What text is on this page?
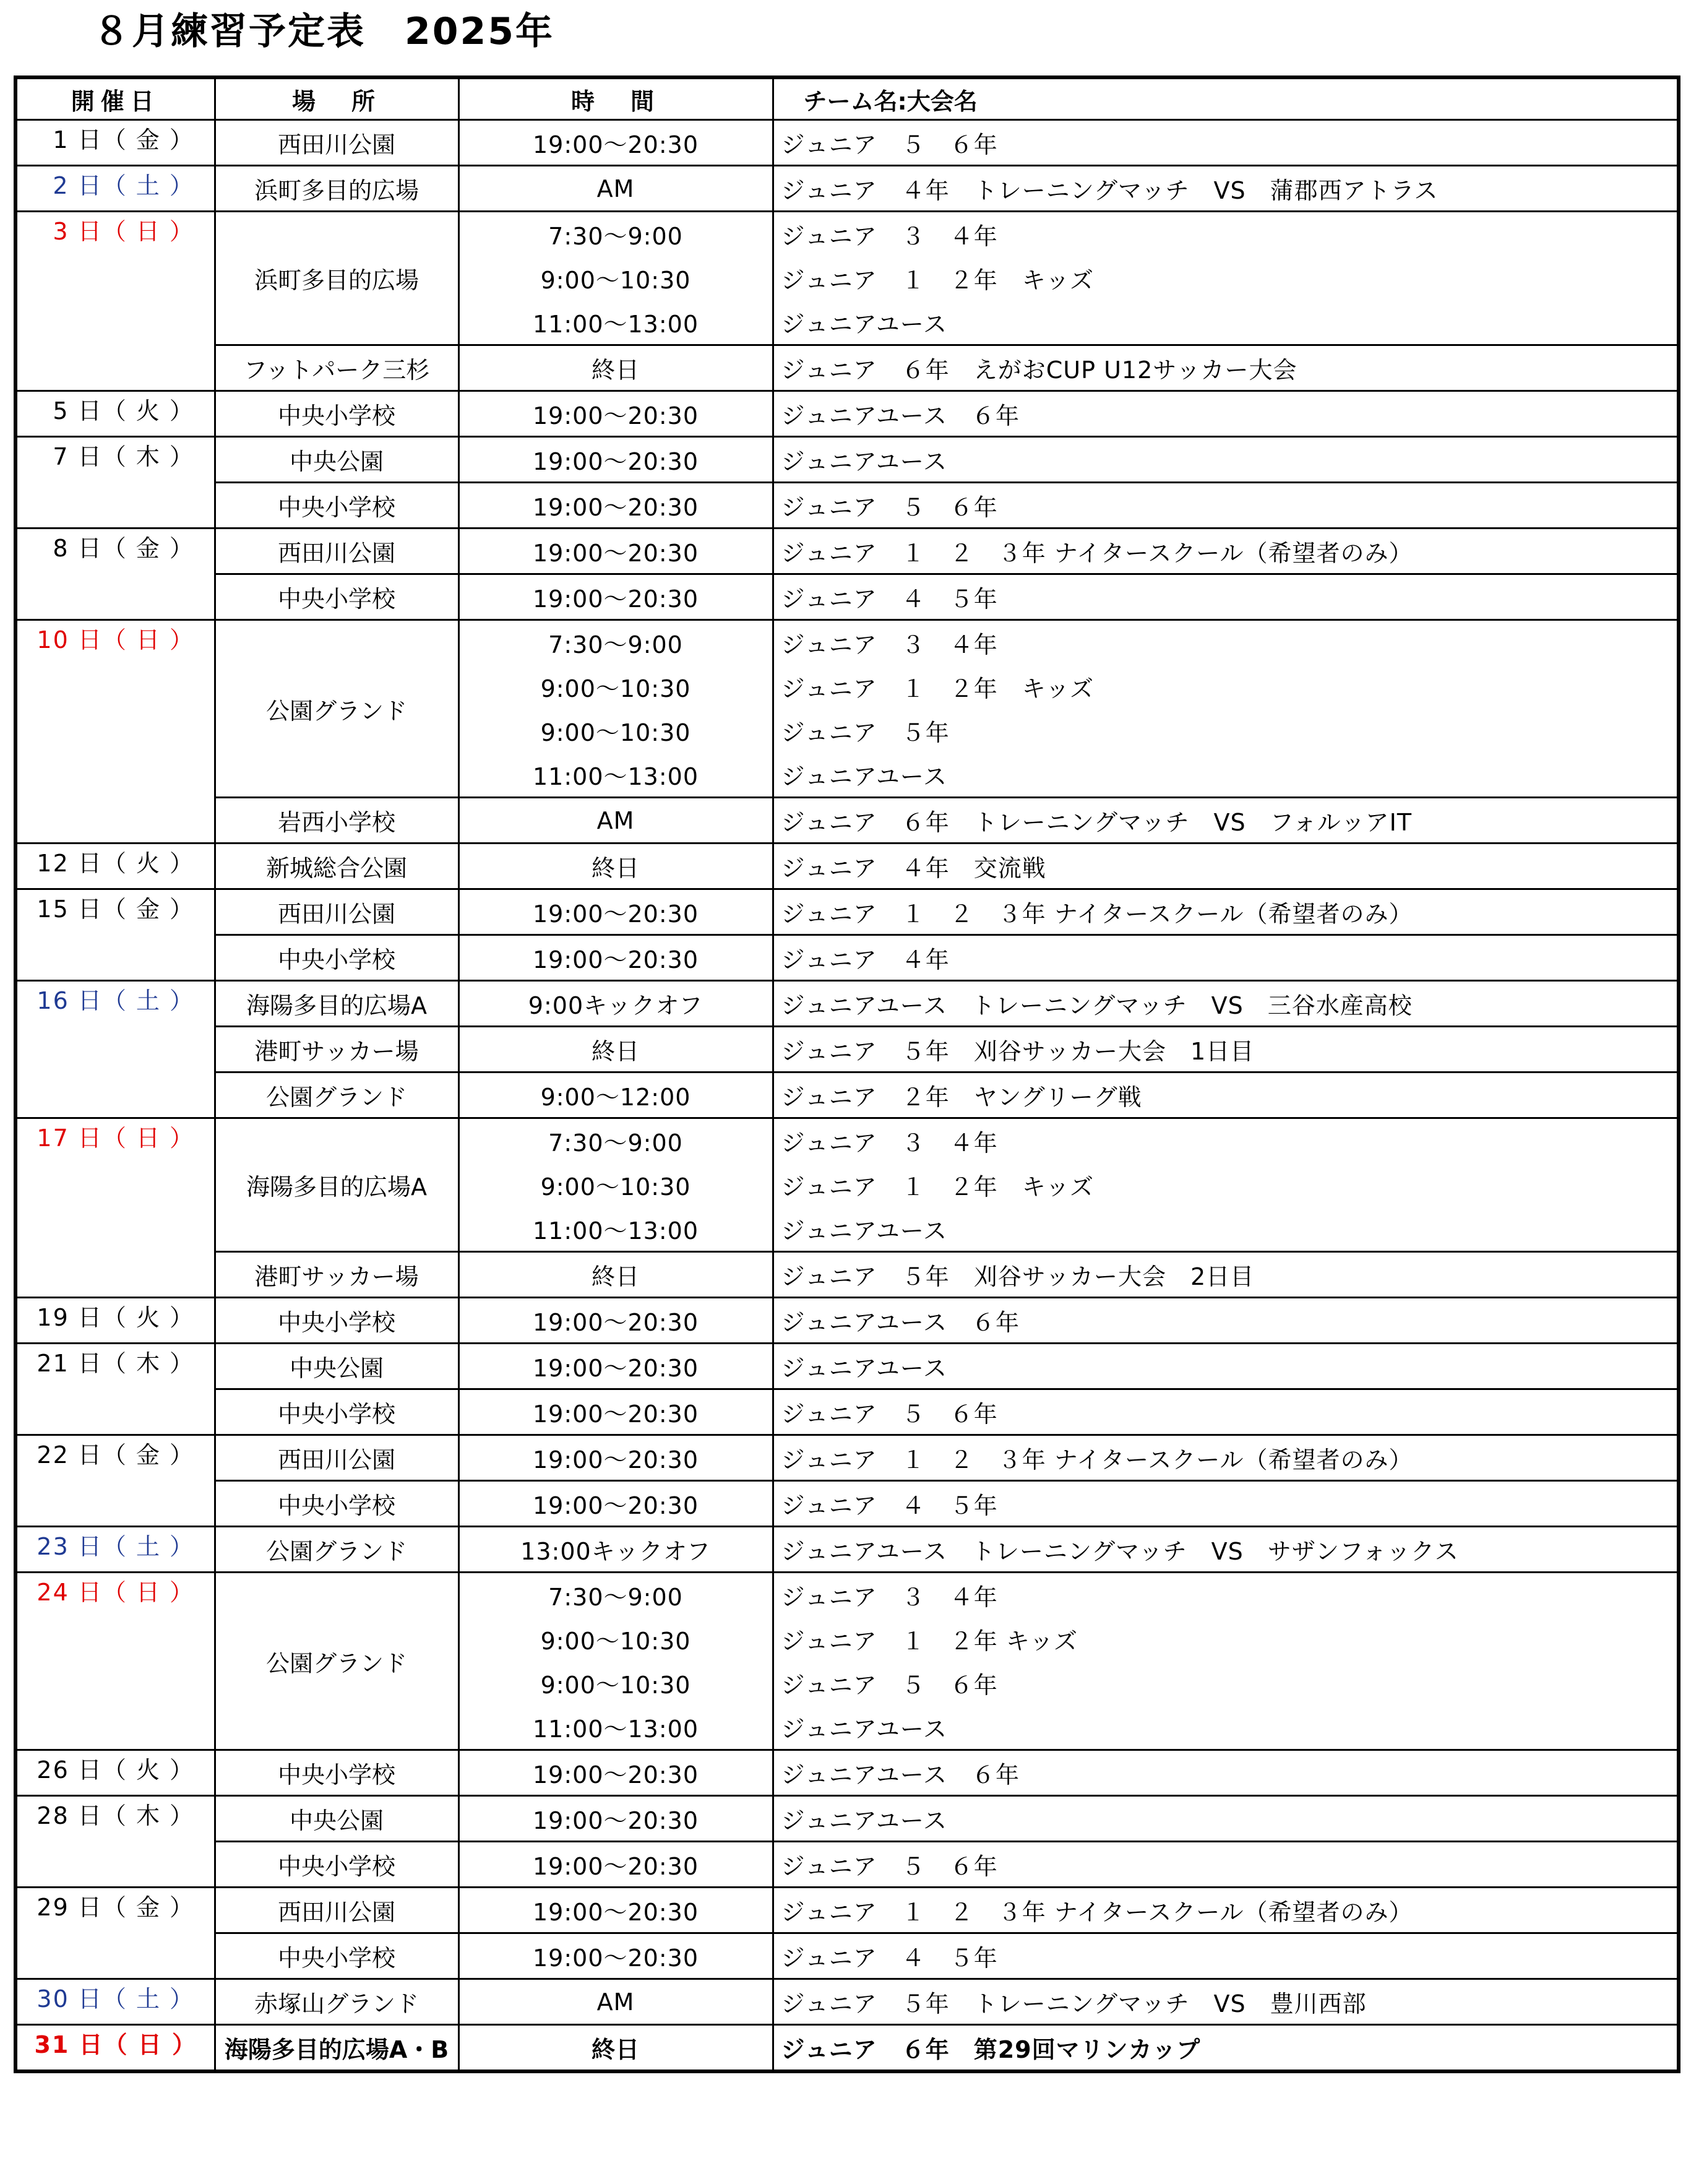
８月練習予定表　2025年
開催日	場　所	時　間	チーム名:大会名
1 日（ 金 ）	西田川公園	19:00〜20:30	ジュニア　５　６年
2 日（ 土 ）	浜町多目的広場	AM	ジュニア　４年　トレーニングマッチ　VS　蒲郡西アトラス
3 日（ 日 ）	浜町多目的広場	7:30〜9:00	ジュニア　３　４年
		9:00〜10:30	ジュニア　１　２年　キッズ
		11:00〜13:00	ジュニアユース
	フットパーク三杉	終日	ジュニア　６年　えがおCUP U12サッカー大会
5 日（ 火 ）	中央小学校	19:00〜20:30	ジュニアユース　６年
7 日（ 木 ）	中央公園	19:00〜20:30	ジュニアユース
	中央小学校	19:00〜20:30	ジュニア　５　６年
8 日（ 金 ）	西田川公園	19:00〜20:30	ジュニア　１　２　３年 ナイタースクール（希望者のみ）
	中央小学校	19:00〜20:30	ジュニア　４　５年
10 日（ 日 ）	公園グランド	7:30〜9:00	ジュニア　３　４年
		9:00〜10:30	ジュニア　１　２年　キッズ
		9:00〜10:30	ジュニア　５年
		11:00〜13:00	ジュニアユース
	岩西小学校	AM	ジュニア　６年　トレーニングマッチ　VS　フォルッアIT
12 日（ 火 ）	新城総合公園	終日	ジュニア　４年　交流戦
15 日（ 金 ）	西田川公園	19:00〜20:30	ジュニア　１　２　３年 ナイタースクール（希望者のみ）
	中央小学校	19:00〜20:30	ジュニア　４年
16 日（ 土 ）	海陽多目的広場A	9:00キックオフ	ジュニアユース　トレーニングマッチ　VS　三谷水産高校
	港町サッカー場	終日	ジュニア　５年　刈谷サッカー大会　1日目
	公園グランド	9:00〜12:00	ジュニア　２年　ヤングリーグ戦
17 日（ 日 ）	海陽多目的広場A	7:30〜9:00	ジュニア　３　４年
		9:00〜10:30	ジュニア　１　２年　キッズ
		11:00〜13:00	ジュニアユース
	港町サッカー場	終日	ジュニア　５年　刈谷サッカー大会　2日目
19 日（ 火 ）	中央小学校	19:00〜20:30	ジュニアユース　６年
21 日（ 木 ）	中央公園	19:00〜20:30	ジュニアユース
	中央小学校	19:00〜20:30	ジュニア　５　６年
22 日（ 金 ）	西田川公園	19:00〜20:30	ジュニア　１　２　３年 ナイタースクール（希望者のみ）
	中央小学校	19:00〜20:30	ジュニア　４　５年
23 日（ 土 ）	公園グランド	13:00キックオフ	ジュニアユース　トレーニングマッチ　VS　サザンフォックス
24 日（ 日 ）	公園グランド	7:30〜9:00	ジュニア　３　４年
		9:00〜10:30	ジュニア　１　２年 キッズ
		9:00〜10:30	ジュニア　５　６年
		11:00〜13:00	ジュニアユース
26 日（ 火 ）	中央小学校	19:00〜20:30	ジュニアユース　６年
28 日（ 木 ）	中央公園	19:00〜20:30	ジュニアユース
	中央小学校	19:00〜20:30	ジュニア　５　６年
29 日（ 金 ）	西田川公園	19:00〜20:30	ジュニア　１　２　３年 ナイタースクール（希望者のみ）
	中央小学校	19:00〜20:30	ジュニア　４　５年
30 日（ 土 ）	赤塚山グランド	AM	ジュニア　５年　トレーニングマッチ　VS　豊川西部
31 日（ 日 ）	海陽多目的広場A・B	終日	ジュニア　６年　第29回マリンカップ
